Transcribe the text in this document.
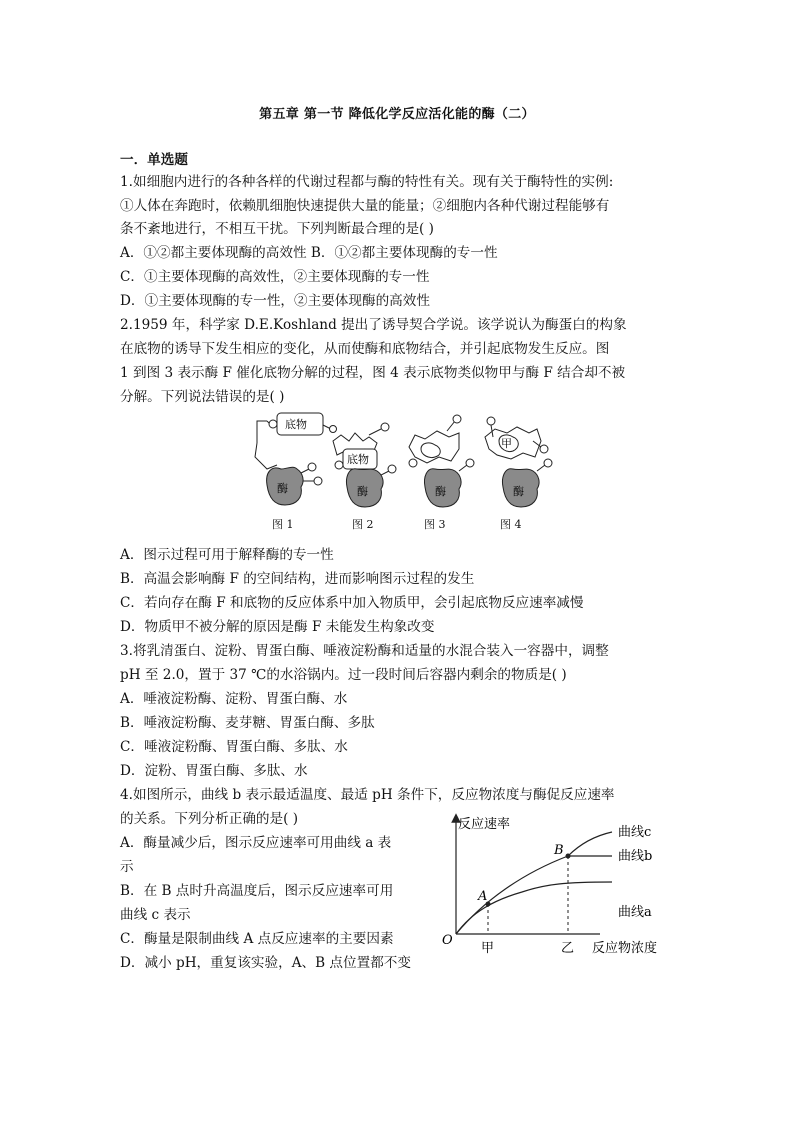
第五章 第一节 降低化学反应活化能的酶（二）
一．单选题
1.如细胞内进行的各种各样的代谢过程都与酶的特性有关。现有关于酶特性的实例:
①人体在奔跑时，依赖肌细胞快速提供大量的能量；②细胞内各种代谢过程能够有
条不紊地进行，不相互干扰。下列判断最合理的是( )
A．①②都主要体现酶的高效性 B．①②都主要体现酶的专一性
C．①主要体现酶的高效性，②主要体现酶的专一性
D．①主要体现酶的专一性，②主要体现酶的高效性
2.1959 年，科学家 D.E.Koshland 提出了诱导契合学说。该学说认为酶蛋白的构象
在底物的诱导下发生相应的变化，从而使酶和底物结合，并引起底物发生反应。图
1 到图 3 表示酶 F 催化底物分解的过程，图 4 表示底物类似物甲与酶 F 结合却不被
分解。下列说法错误的是( )
底物
酶
底物
酶	酶
甲
酶
图 1	图 2	图 3	图 4
A．图示过程可用于解释酶的专一性
B．高温会影响酶 F 的空间结构，进而影响图示过程的发生
C．若向存在酶 F 和底物的反应体系中加入物质甲，会引起底物反应速率减慢
D．物质甲不被分解的原因是酶 F 未能发生构象改变
3.将乳清蛋白、淀粉、胃蛋白酶、唾液淀粉酶和适量的水混合装入一容器中，调整
pH 至 2.0，置于 37 ℃的水浴锅内。过一段时间后容器内剩余的物质是( )
A．唾液淀粉酶、淀粉、胃蛋白酶、水
B．唾液淀粉酶、麦芽糖、胃蛋白酶、多肽
C．唾液淀粉酶、胃蛋白酶、多肽、水
D．淀粉、胃蛋白酶、多肽、水
4.如图所示，曲线 b 表示最适温度、最适 pH 条件下，反应物浓度与酶促反应速率
的关系。下列分析正确的是( )
A．酶量减少后，图示反应速率可用曲线 a 表
示
B．在 B 点时升高温度后，图示反应速率可用
曲线 c 表示
C．酶量是限制曲线 A 点反应速率的主要因素
D．减小 pH，重复该实验，A、B 点位置都不变
反应速率
反应物浓度
O
曲线c
曲线b
曲线a
A
B
甲	乙
